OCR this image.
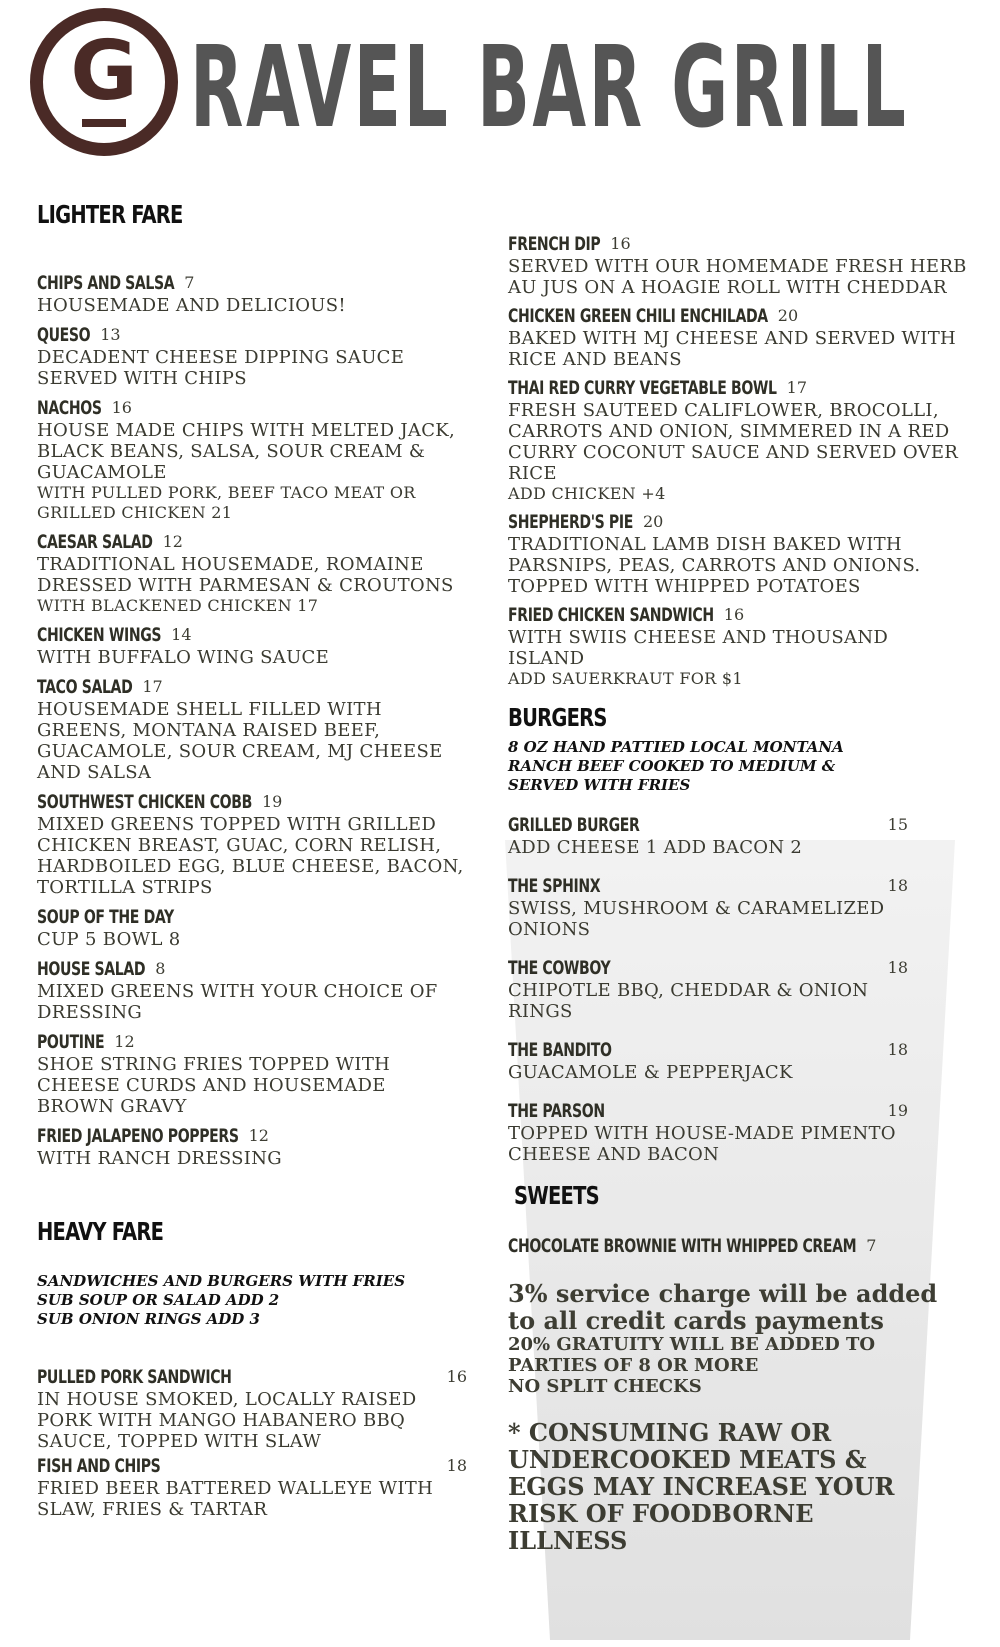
G RAVEL BAR GRILL
LIGHTER FARE
CHIPS AND SALSA 7
HOUSEMADE AND DELICIOUS!
QUESO 13
DECADENT CHEESE DIPPING SAUCE SERVED WITH CHIPS
NACHOS 16
HOUSE MADE CHIPS WITH MELTED JACK, BLACK BEANS, SALSA, SOUR CREAM & GUACAMOLE
WITH PULLED PORK, BEEF TACO MEAT OR GRILLED CHICKEN 21
CAESAR SALAD 12
TRADITIONAL HOUSEMADE, ROMAINE DRESSED WITH PARMESAN & CROUTONS
WITH BLACKENED CHICKEN 17
CHICKEN WINGS 14
WITH BUFFALO WING SAUCE
TACO SALAD 17
HOUSEMADE SHELL FILLED WITH GREENS, MONTANA RAISED BEEF, GUACAMOLE, SOUR CREAM, MJ CHEESE AND SALSA
SOUTHWEST CHICKEN COBB 19
MIXED GREENS TOPPED WITH GRILLED CHICKEN BREAST, GUAC, CORN RELISH, HARDBOILED EGG, BLUE CHEESE, BACON, TORTILLA STRIPS
SOUP OF THE DAY
CUP 5 BOWL 8
HOUSE SALAD 8
MIXED GREENS WITH YOUR CHOICE OF DRESSING
POUTINE 12
SHOE STRING FRIES TOPPED WITH CHEESE CURDS AND HOUSEMADE BROWN GRAVY
FRIED JALAPENO POPPERS 12
WITH RANCH DRESSING
HEAVY FARE
SANDWICHES AND BURGERS WITH FRIES
SUB SOUP OR SALAD ADD 2
SUB ONION RINGS ADD 3
PULLED PORK SANDWICH	16
IN HOUSE SMOKED, LOCALLY RAISED PORK WITH MANGO HABANERO BBQ SAUCE, TOPPED WITH SLAW
FISH AND CHIPS	18
FRIED BEER BATTERED WALLEYE WITH SLAW, FRIES & TARTAR
FRENCH DIP 16
SERVED WITH OUR HOMEMADE FRESH HERB AU JUS ON A HOAGIE ROLL WITH CHEDDAR
CHICKEN GREEN CHILI ENCHILADA 20
BAKED WITH MJ CHEESE AND SERVED WITH RICE AND BEANS
THAI RED CURRY VEGETABLE BOWL 17
FRESH SAUTEED CALIFLOWER, BROCOLLI, CARROTS AND ONION, SIMMERED IN A RED CURRY COCONUT SAUCE AND SERVED OVER RICE
ADD CHICKEN +4
SHEPHERD'S PIE 20
TRADITIONAL LAMB DISH BAKED WITH PARSNIPS, PEAS, CARROTS AND ONIONS. TOPPED WITH WHIPPED POTATOES
FRIED CHICKEN SANDWICH 16
WITH SWIIS CHEESE AND THOUSAND ISLAND
ADD SAUERKRAUT FOR $1
BURGERS
8 OZ HAND PATTIED LOCAL MONTANA
RANCH BEEF COOKED TO MEDIUM &
SERVED WITH FRIES
GRILLED BURGER	15
ADD CHEESE 1 ADD BACON 2
THE SPHINX	18
SWISS, MUSHROOM & CARAMELIZED ONIONS
THE COWBOY	18
CHIPOTLE BBQ, CHEDDAR & ONION RINGS
THE BANDITO	18
GUACAMOLE & PEPPERJACK
THE PARSON	19
TOPPED WITH HOUSE-MADE PIMENTO CHEESE AND BACON
SWEETS
CHOCOLATE BROWNIE WITH WHIPPED CREAM 7
3% service charge will be added to all credit cards payments
20% GRATUITY WILL BE ADDED TO PARTIES OF 8 OR MORE
NO SPLIT CHECKS
* CONSUMING RAW OR UNDERCOOKED MEATS & EGGS MAY INCREASE YOUR RISK OF FOODBORNE ILLNESS
